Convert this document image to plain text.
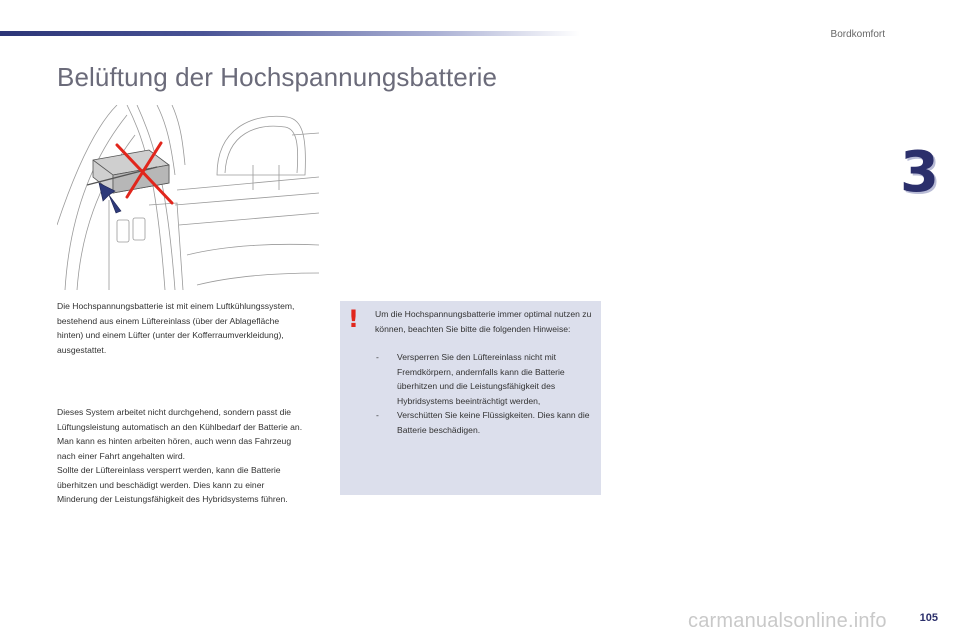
Bordkomfort
3
Belüftung der Hochspannungsbatterie

Die Hochspannungsbatterie ist mit einem Luftkühlungssystem, bestehend aus einem Lüftereinlass (über der Ablagefläche hinten) und einem Lüfter (unter der Kofferraumverkleidung), ausgestattet.

Dieses System arbeitet nicht durchgehend, sondern passt die Lüftungsleistung automatisch an den Kühlbedarf der Batterie an.
Man kann es hinten arbeiten hören, auch wenn das Fahrzeug nach einer Fahrt angehalten wird.
Sollte der Lüftereinlass versperrt werden, kann die Batterie überhitzen und beschädigt werden. Dies kann zu einer Minderung der Leistungsfähigkeit des Hybridsystems führen.

!	Um die Hochspannungsbatterie immer optimal nutzen zu können, beachten Sie bitte die folgenden Hinweise:

- Versperren Sie den Lüftereinlass nicht mit Fremdkörpern, andernfalls kann die Batterie überhitzen und die Leistungsfähigkeit des Hybridsystems beeinträchtigt werden,
- Verschütten Sie keine Flüssigkeiten. Dies kann die Batterie beschädigen.
105
carmanualsonline.info
